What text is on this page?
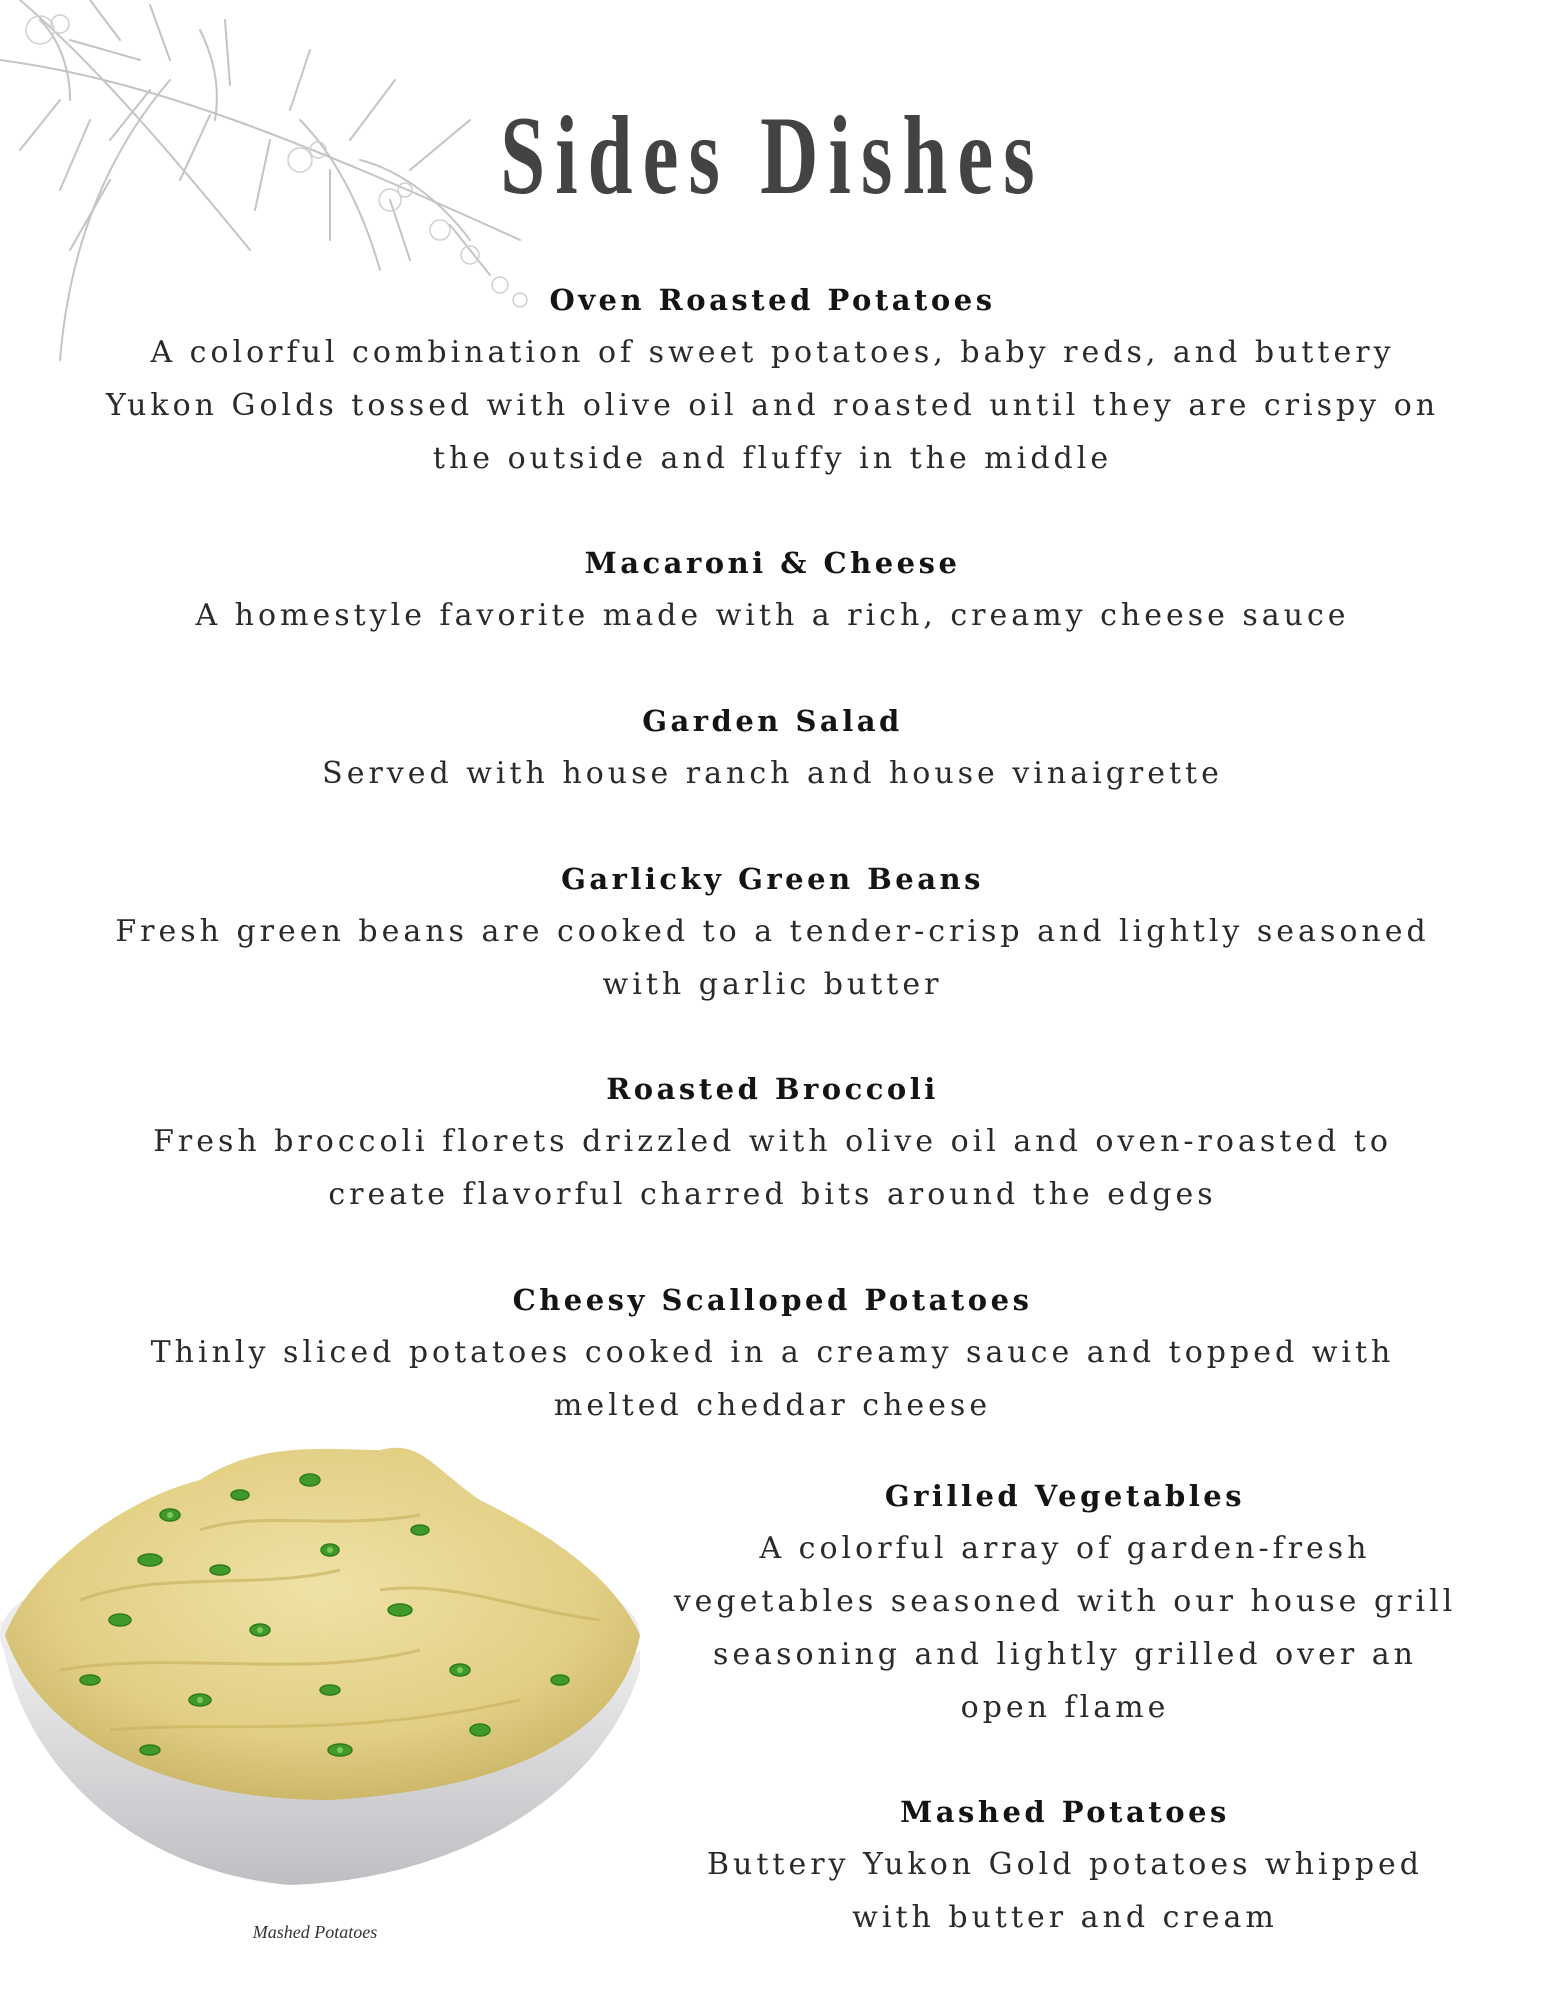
Sides Dishes
Oven Roasted Potatoes
A colorful combination of sweet potatoes, baby reds, and buttery
Yukon Golds tossed with olive oil and roasted until they are crispy on
the outside and fluffy in the middle
Macaroni & Cheese
A homestyle favorite made with a rich, creamy cheese sauce
Garden Salad
Served with house ranch and house vinaigrette
Garlicky Green Beans
Fresh green beans are cooked to a tender-crisp and lightly seasoned
with garlic butter
Roasted Broccoli
Fresh broccoli florets drizzled with olive oil and oven-roasted to
create flavorful charred bits around the edges
Cheesy Scalloped Potatoes
Thinly sliced potatoes cooked in a creamy sauce and topped with
melted cheddar cheese
Grilled Vegetables
A colorful array of garden-fresh
vegetables seasoned with our house grill
seasoning and lightly grilled over an
open flame
Mashed Potatoes
Buttery Yukon Gold potatoes whipped
with butter and cream
Mashed Potatoes
